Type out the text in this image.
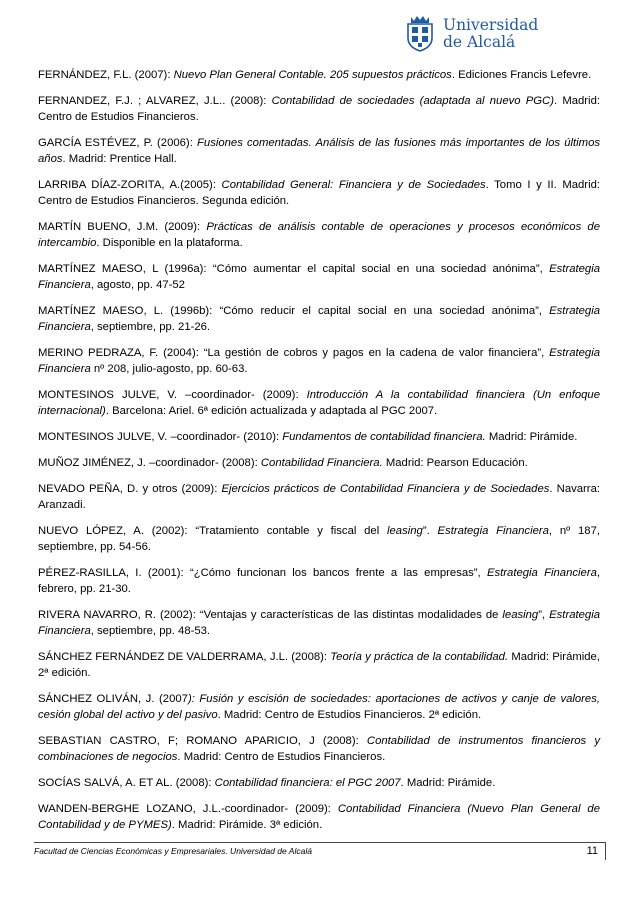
Universidad
de Alcalá

FERNÁNDEZ, F.L. (2007): Nuevo Plan General Contable. 205 supuestos prácticos. Ediciones Francis Lefevre.

FERNANDEZ, F.J. ; ALVAREZ, J.L.. (2008): Contabilidad de sociedades (adaptada al nuevo PGC). Madrid: Centro de Estudios Financieros.

GARCÍA ESTÉVEZ, P. (2006): Fusiones comentadas. Análisis de las fusiones más importantes de los últimos años. Madrid: Prentice Hall.

LARRIBA DÍAZ-ZORITA, A.(2005): Contabilidad General: Financiera y de Sociedades. Tomo I y II. Madrid: Centro de Estudios Financieros. Segunda edición.

MARTÍN BUENO, J.M. (2009): Prácticas de análisis contable de operaciones y procesos económicos de intercambio. Disponible en la plataforma.

MARTÍNEZ MAESO, L (1996a): “Cómo aumentar el capital social en una sociedad anónima”, Estrategia Financiera, agosto, pp. 47-52

MARTÍNEZ MAESO, L. (1996b): “Cómo reducir el capital social en una sociedad anónima”, Estrategia Financiera, septiembre, pp. 21-26.

MERINO PEDRAZA, F. (2004): “La gestión de cobros y pagos en la cadena de valor financiera”, Estrategia Financiera nº 208, julio-agosto, pp. 60-63.

MONTESINOS JULVE, V. –coordinador- (2009): Introducción A la contabilidad financiera (Un enfoque internacional). Barcelona: Ariel. 6ª edición actualizada y adaptada al PGC 2007.

MONTESINOS JULVE, V. –coordinador- (2010): Fundamentos de contabilidad financiera. Madrid: Pirámide.

MUÑOZ JIMÉNEZ, J. –coordinador- (2008): Contabilidad Financiera. Madrid: Pearson Educación.

NEVADO PEÑA, D. y otros (2009): Ejercicios prácticos de Contabilidad Financiera y de Sociedades. Navarra: Aranzadi.

NUEVO LÓPEZ, A. (2002): “Tratamiento contable y fiscal del leasing”. Estrategia Financiera, nº 187, septiembre, pp. 54-56.

PÉREZ-RASILLA, I. (2001): “¿Cómo funcionan los bancos frente a las empresas”, Estrategia Financiera, febrero, pp. 21-30.

RIVERA NAVARRO, R. (2002): “Ventajas y características de las distintas modalidades de leasing”, Estrategia Financiera, septiembre, pp. 48-53.

SÁNCHEZ FERNÁNDEZ DE VALDERRAMA, J.L. (2008): Teoría y práctica de la contabilidad. Madrid: Pirámide, 2ª edición.

SÁNCHEZ OLIVÁN, J. (2007): Fusión y escisión de sociedades: aportaciones de activos y canje de valores, cesión global del activo y del pasivo. Madrid: Centro de Estudios Financieros. 2ª edición.

SEBASTIAN CASTRO, F; ROMANO APARICIO, J (2008): Contabilidad de instrumentos financieros y combinaciones de negocios. Madrid: Centro de Estudios Financieros.

SOCÍAS SALVÁ, A. ET AL. (2008): Contabilidad financiera: el PGC 2007. Madrid: Pirámide.

WANDEN-BERGHE LOZANO, J.L.-coordinador- (2009): Contabilidad Financiera (Nuevo Plan General de Contabilidad y de PYMES). Madrid: Pirámide. 3ª edición.

Facultad de Ciencias Económicas y Empresariales. Universidad de Alcalá	11
